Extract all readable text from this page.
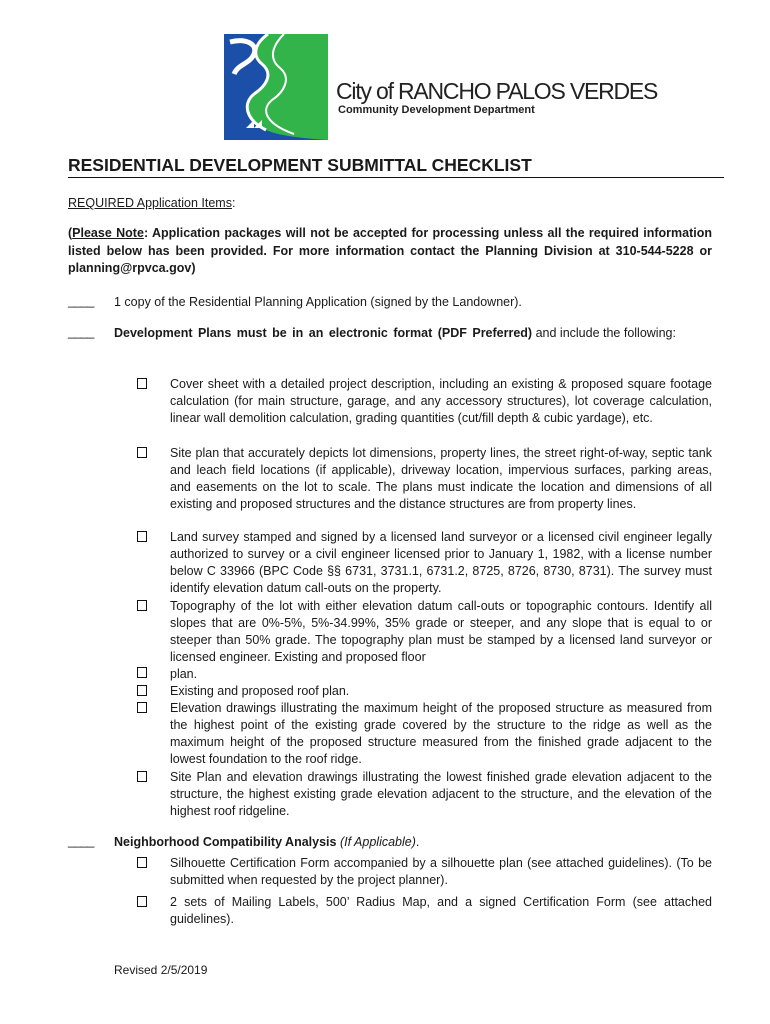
City of RANCHO PALOS VERDES
Community Development Department
RESIDENTIAL DEVELOPMENT SUBMITTAL CHECKLIST
REQUIRED Application Items:
(Please Note: Application packages will not be accepted for processing unless all the required information listed below has been provided. For more information contact the Planning Division at 310-544-5228 or planning@rpvca.gov)
____ 1 copy of the Residential Planning Application (signed by the Landowner).
____ Development Plans must be in an electronic format (PDF Preferred) and include the following:
Cover sheet with a detailed project description, including an existing & proposed square footage calculation (for main structure, garage, and any accessory structures), lot coverage calculation, linear wall demolition calculation, grading quantities (cut/fill depth & cubic yardage), etc.
Site plan that accurately depicts lot dimensions, property lines, the street right-of-way, septic tank and leach field locations (if applicable), driveway location, impervious surfaces, parking areas, and easements on the lot to scale. The plans must indicate the location and dimensions of all existing and proposed structures and the distance structures are from property lines.
Land survey stamped and signed by a licensed land surveyor or a licensed civil engineer legally authorized to survey or a civil engineer licensed prior to January 1, 1982, with a license number below C 33966 (BPC Code §§ 6731, 3731.1, 6731.2, 8725, 8726, 8730, 8731). The survey must identify elevation datum call-outs on the property.
Topography of the lot with either elevation datum call-outs or topographic contours. Identify all slopes that are 0%-5%, 5%-34.99%, 35% grade or steeper, and any slope that is equal to or steeper than 50% grade. The topography plan must be stamped by a licensed land surveyor or licensed engineer. Existing and proposed floor
plan.
Existing and proposed roof plan.
Elevation drawings illustrating the maximum height of the proposed structure as measured from the highest point of the existing grade covered by the structure to the ridge as well as the maximum height of the proposed structure measured from the finished grade adjacent to the lowest foundation to the roof ridge.
Site Plan and elevation drawings illustrating the lowest finished grade elevation adjacent to the structure, the highest existing grade elevation adjacent to the structure, and the elevation of the highest roof ridgeline.
____ Neighborhood Compatibility Analysis (If Applicable).
Silhouette Certification Form accompanied by a silhouette plan (see attached guidelines). (To be submitted when requested by the project planner).
2 sets of Mailing Labels, 500’ Radius Map, and a signed Certification Form (see attached guidelines).
Revised 2/5/2019
